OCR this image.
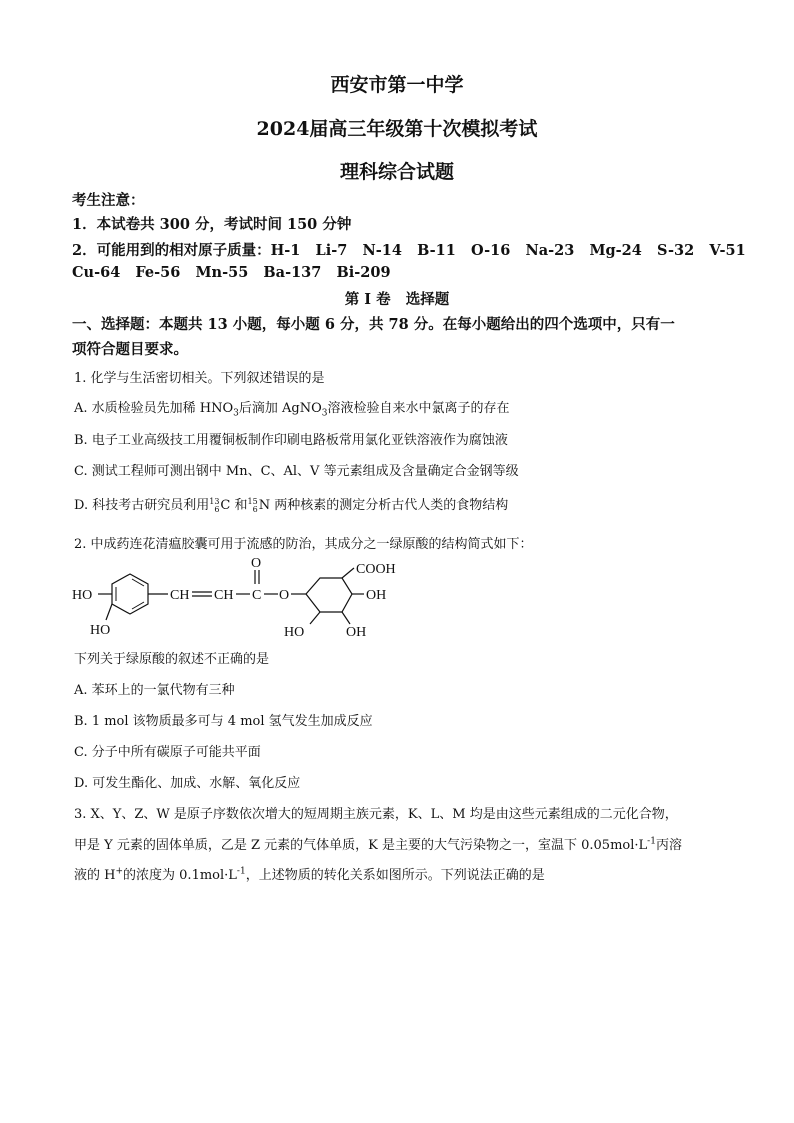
西安市第一中学
2024届高三年级第十次模拟考试
理科综合试题
考生注意：
1．本试卷共 300 分，考试时间 150 分钟
2．可能用到的相对原子质量：H-1   Li-7   N-14   B-11   O-16   Na-23   Mg-24   S-32   V-51
Cu-64   Fe-56   Mn-55   Ba-137   Bi-209
第 I 卷   选择题
一、选择题：本题共 13 小题，每小题 6 分，共 78 分。在每小题给出的四个选项中，只有一
项符合题目要求。
1. 化学与生活密切相关。下列叙述错误的是
A. 水质检验员先加稀 $HNO_3$后滴加 AgNO$_3$溶液检验自来水中氯离子的存在
B. 电子工业高级技工用覆铜板制作印刷电路板常用氯化亚铁溶液作为腐蚀液
C. 测试工程师可测出钢中 Mn、C、Al、V 等元素组成及含量确定合金钢等级
D. 科技考古研究员利用13
6C 和15
6N 两种核素的测定分析古代人类的食物结构
2. 中成药连花清瘟胶囊可用于流感的防治，其成分之一绿原酸的结构简式如下：
HO
HO
CH CH C
O
O
COOH
OH
HO	OH
下列关于绿原酸的叙述不正确的是
A. 苯环上的一氯代物有三种
B. 1 mol 该物质最多可与 4 mol 氢气发生加成反应
C. 分子中所有碳原子可能共平面
D. 可发生酯化、加成、水解、氧化反应
3. X、Y、Z、W 是原子序数依次增大的短周期主族元素，K、L、M 均是由这些元素组成的二元化合物，
甲是 Y 元素的固体单质，乙是 Z 元素的气体单质，K 是主要的大气污染物之一，室温下 $0.05mol\cdot L^{-1}$丙溶
液的 H+的浓度为 $0.1mol\cdot L^{-1}$，上述物质的转化关系如图所示。下列说法正确的是
